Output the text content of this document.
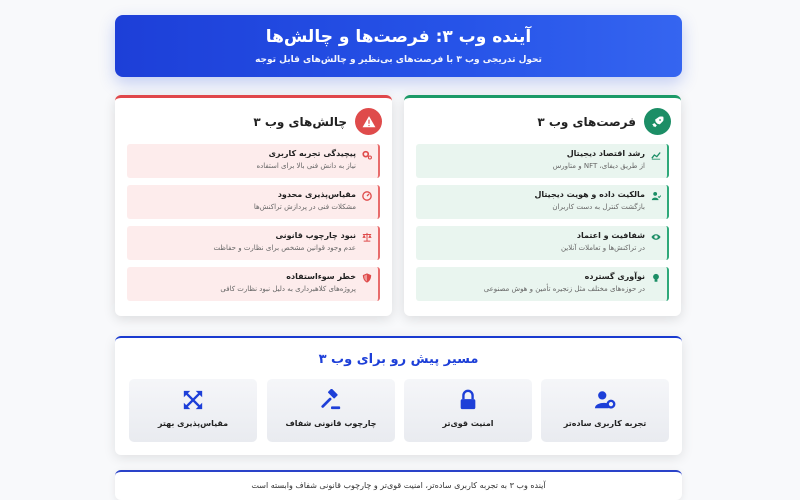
آینده وب ۳: فرصت‌ها و چالش‌ها

تحول تدریجی وب ۳ با فرصت‌های بی‌نظیر و چالش‌های قابل توجه

فرصت‌های وب ۳
رشد اقتصاد دیجیتال
از طریق دیفای، NFT و متاورس
مالکیت داده و هویت دیجیتال
بازگشت کنترل به دست کاربران
شفافیت و اعتماد
در تراکنش‌ها و تعاملات آنلاین
نوآوری گسترده
در حوزه‌های مختلف مثل زنجیره تأمین و هوش مصنوعی
چالش‌های وب ۳
پیچیدگی تجربه کاربری
نیاز به دانش فنی بالا برای استفاده
مقیاس‌پذیری محدود
مشکلات فنی در پردازش تراکنش‌ها
نبود چارچوب قانونی
عدم وجود قوانین مشخص برای نظارت و حفاظت
خطر سوءاستفاده
پروژه‌های کلاهبرداری به دلیل نبود نظارت کافی
مسیر پیش رو برای وب ۳
تجربه کاربری ساده‌تر
امنیت قوی‌تر
چارچوب قانونی شفاف
مقیاس‌پذیری بهتر
آینده وب ۳ به تجربه کاربری ساده‌تر، امنیت قوی‌تر و چارچوب قانونی شفاف وابسته است
